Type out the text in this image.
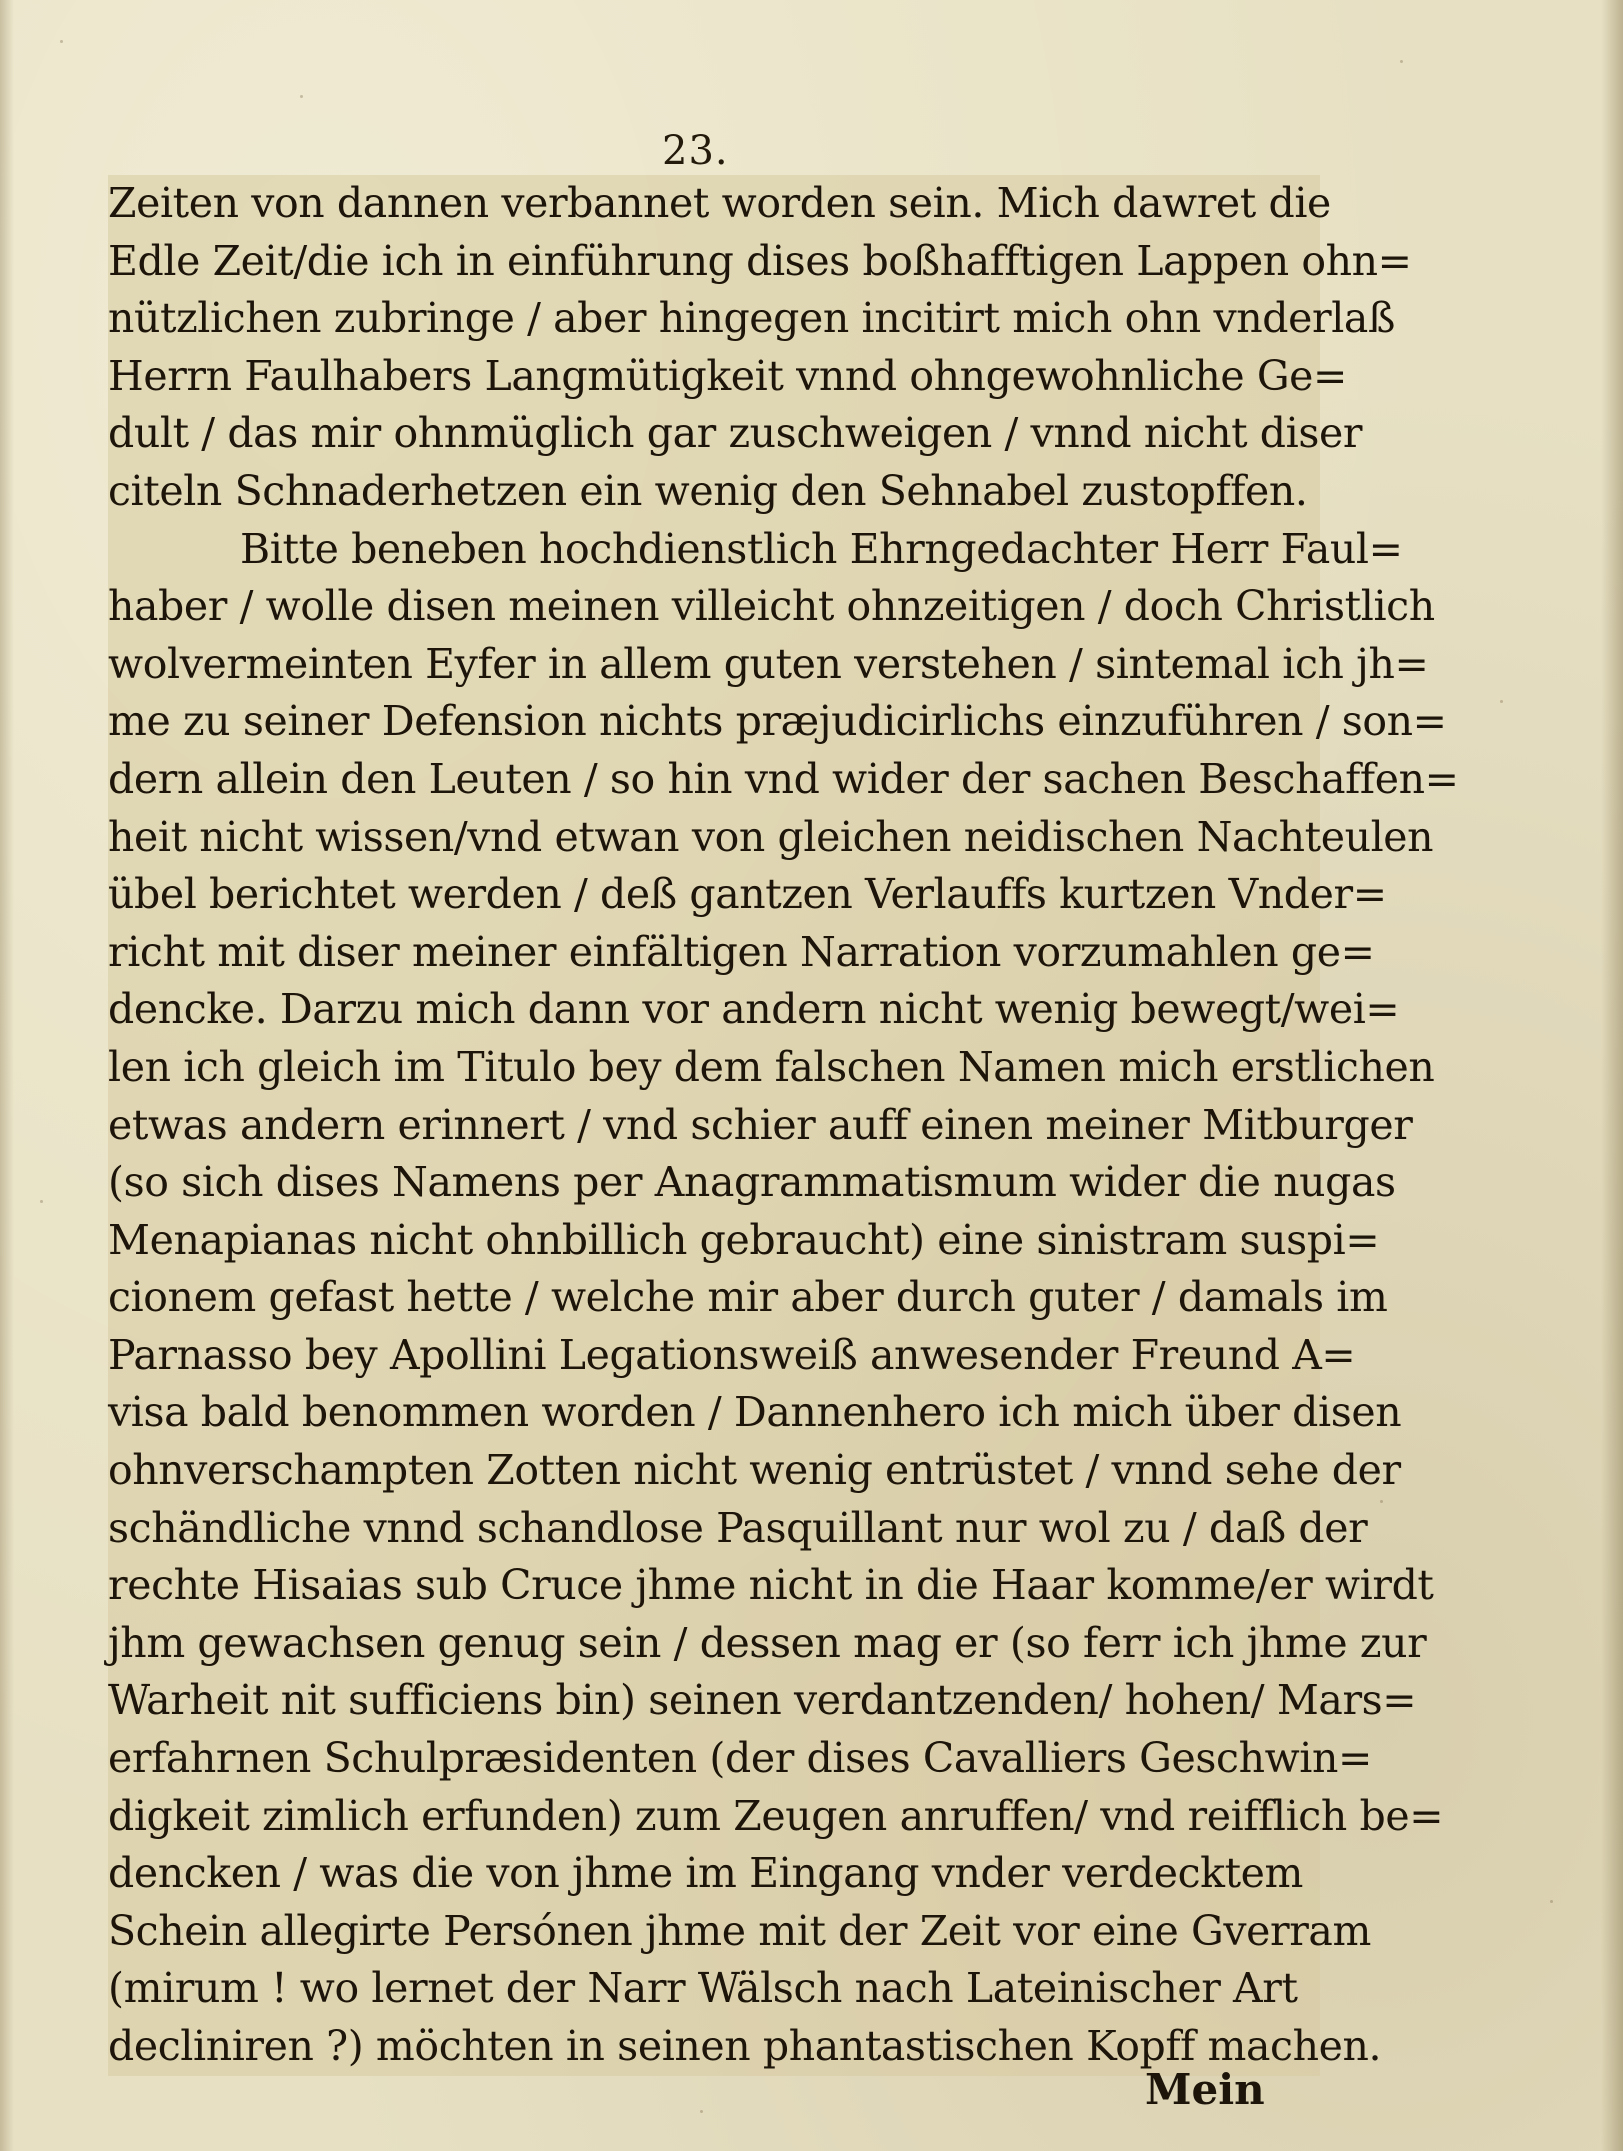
23.
Zeiten von dannen verbannet worden sein. Mich dawret die
Edle Zeit/die ich in einführung dises boßhafftigen Lappen ohn=
nützlichen zubringe / aber hingegen incitirt mich ohn vnderlaß
Herrn Faulhabers Langmütigkeit vnnd ohngewohnliche Ge=
dult / das mir ohnmüglich gar zuschweigen / vnnd nicht diser
citeln Schnaderhetzen ein wenig den Sehnabel zustopffen.
Bitte beneben hochdienstlich Ehrngedachter Herr Faul=
haber / wolle disen meinen villeicht ohnzeitigen / doch Christlich
wolvermeinten Eyfer in allem guten verstehen / sintemal ich jh=
me zu seiner Defension nichts præjudicirlichs einzuführen / son=
dern allein den Leuten / so hin vnd wider der sachen Beschaffen=
heit nicht wissen/vnd etwan von gleichen neidischen Nachteulen
übel berichtet werden / deß gantzen Verlauffs kurtzen Vnder=
richt mit diser meiner einfältigen Narration vorzumahlen ge=
dencke. Darzu mich dann vor andern nicht wenig bewegt/wei=
len ich gleich im Titulo bey dem falschen Namen mich erstlichen
etwas andern erinnert / vnd schier auff einen meiner Mitburger
(so sich dises Namens per Anagrammatismum wider die nugas
Menapianas nicht ohnbillich gebraucht) eine sinistram suspi=
cionem gefast hette / welche mir aber durch guter / damals im
Parnasso bey Apollini Legationsweiß anwesender Freund A=
visa bald benommen worden / Dannenhero ich mich über disen
ohnverschampten Zotten nicht wenig entrüstet / vnnd sehe der
schändliche vnnd schandlose Pasquillant nur wol zu / daß der
rechte Hisaias sub Cruce jhme nicht in die Haar komme/er wirdt
jhm gewachsen genug sein / dessen mag er (so ferr ich jhme zur
Warheit nit sufficiens bin) seinen verdantzenden/ hohen/ Mars=
erfahrnen Schulpræsidenten (der dises Cavalliers Geschwin=
digkeit zimlich erfunden) zum Zeugen anruffen/ vnd reifflich be=
dencken / was die von jhme im Eingang vnder verdecktem
Schein allegirte Persónen jhme mit der Zeit vor eine Gverram
(mirum ! wo lernet der Narr Wälsch nach Lateinischer Art
decliniren ?) möchten in seinen phantastischen Kopff machen.
Mein
